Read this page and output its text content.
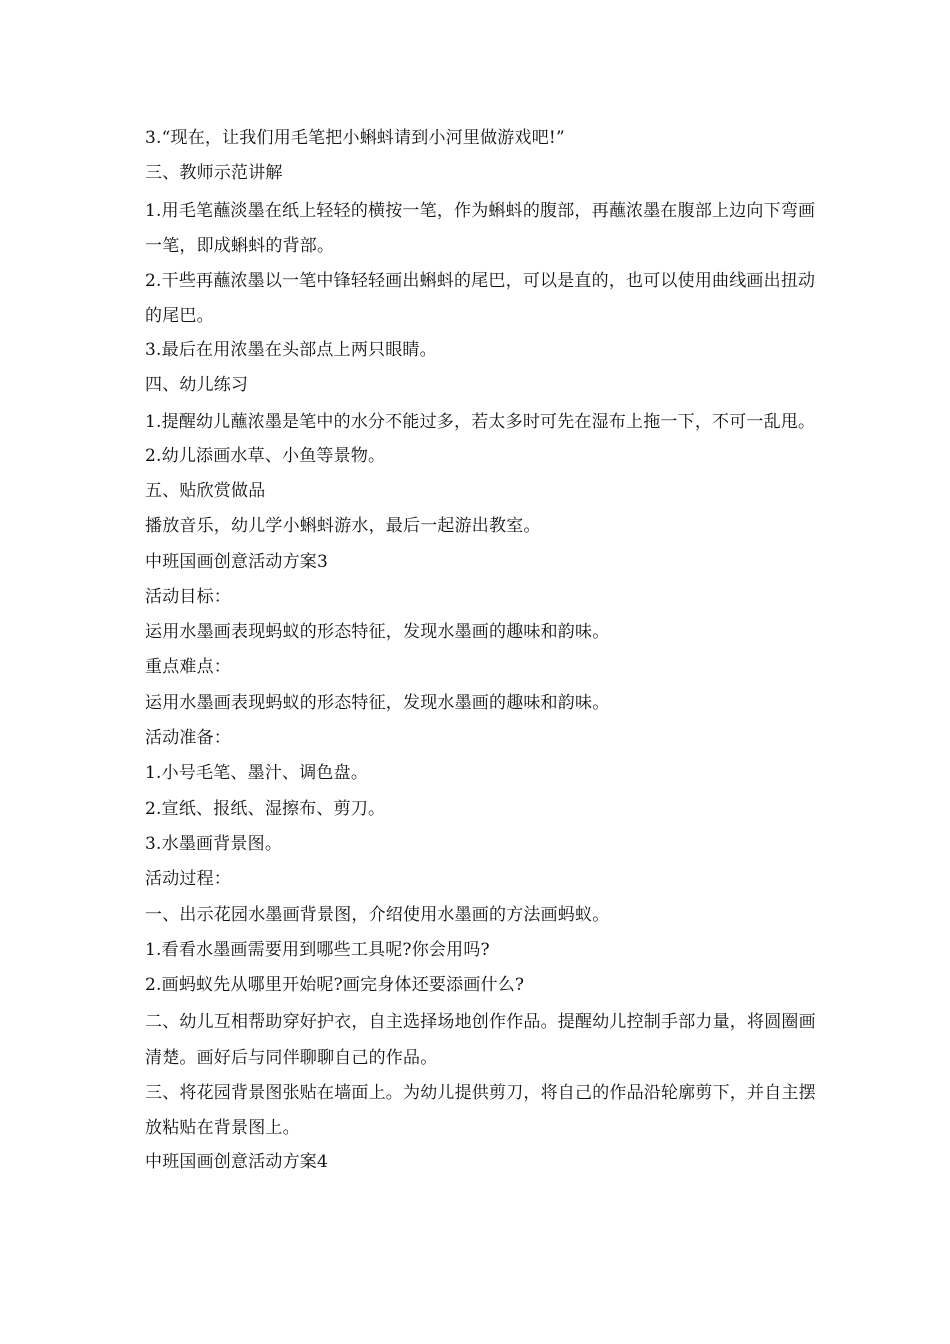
3.“现在，让我们用毛笔把小蝌蚪请到小河里做游戏吧!”

三、教师示范讲解

1.用毛笔蘸淡墨在纸上轻轻的横按一笔，作为蝌蚪的腹部，再蘸浓墨在腹部上边向下弯画一笔，即成蝌蚪的背部。

2.干些再蘸浓墨以一笔中锋轻轻画出蝌蚪的尾巴，可以是直的，也可以使用曲线画出扭动的尾巴。

3.最后在用浓墨在头部点上两只眼睛。

四、幼儿练习

1.提醒幼儿蘸浓墨是笔中的水分不能过多，若太多时可先在湿布上拖一下，不可一乱甩。

2.幼儿添画水草、小鱼等景物。

五、贴欣赏做品

播放音乐，幼儿学小蝌蚪游水，最后一起游出教室。

中班国画创意活动方案3

活动目标：

运用水墨画表现蚂蚁的形态特征，发现水墨画的趣味和韵味。

重点难点：

运用水墨画表现蚂蚁的形态特征，发现水墨画的趣味和韵味。

活动准备：

1.小号毛笔、墨汁、调色盘。

2.宣纸、报纸、湿擦布、剪刀。

3.水墨画背景图。

活动过程：

一、出示花园水墨画背景图，介绍使用水墨画的方法画蚂蚁。

1.看看水墨画需要用到哪些工具呢?你会用吗?

2.画蚂蚁先从哪里开始呢?画完身体还要添画什么?

二、幼儿互相帮助穿好护衣，自主选择场地创作作品。提醒幼儿控制手部力量，将圆圈画清楚。画好后与同伴聊聊自己的作品。

三、将花园背景图张贴在墙面上。为幼儿提供剪刀，将自己的作品沿轮廓剪下，并自主摆放粘贴在背景图上。

中班国画创意活动方案4
